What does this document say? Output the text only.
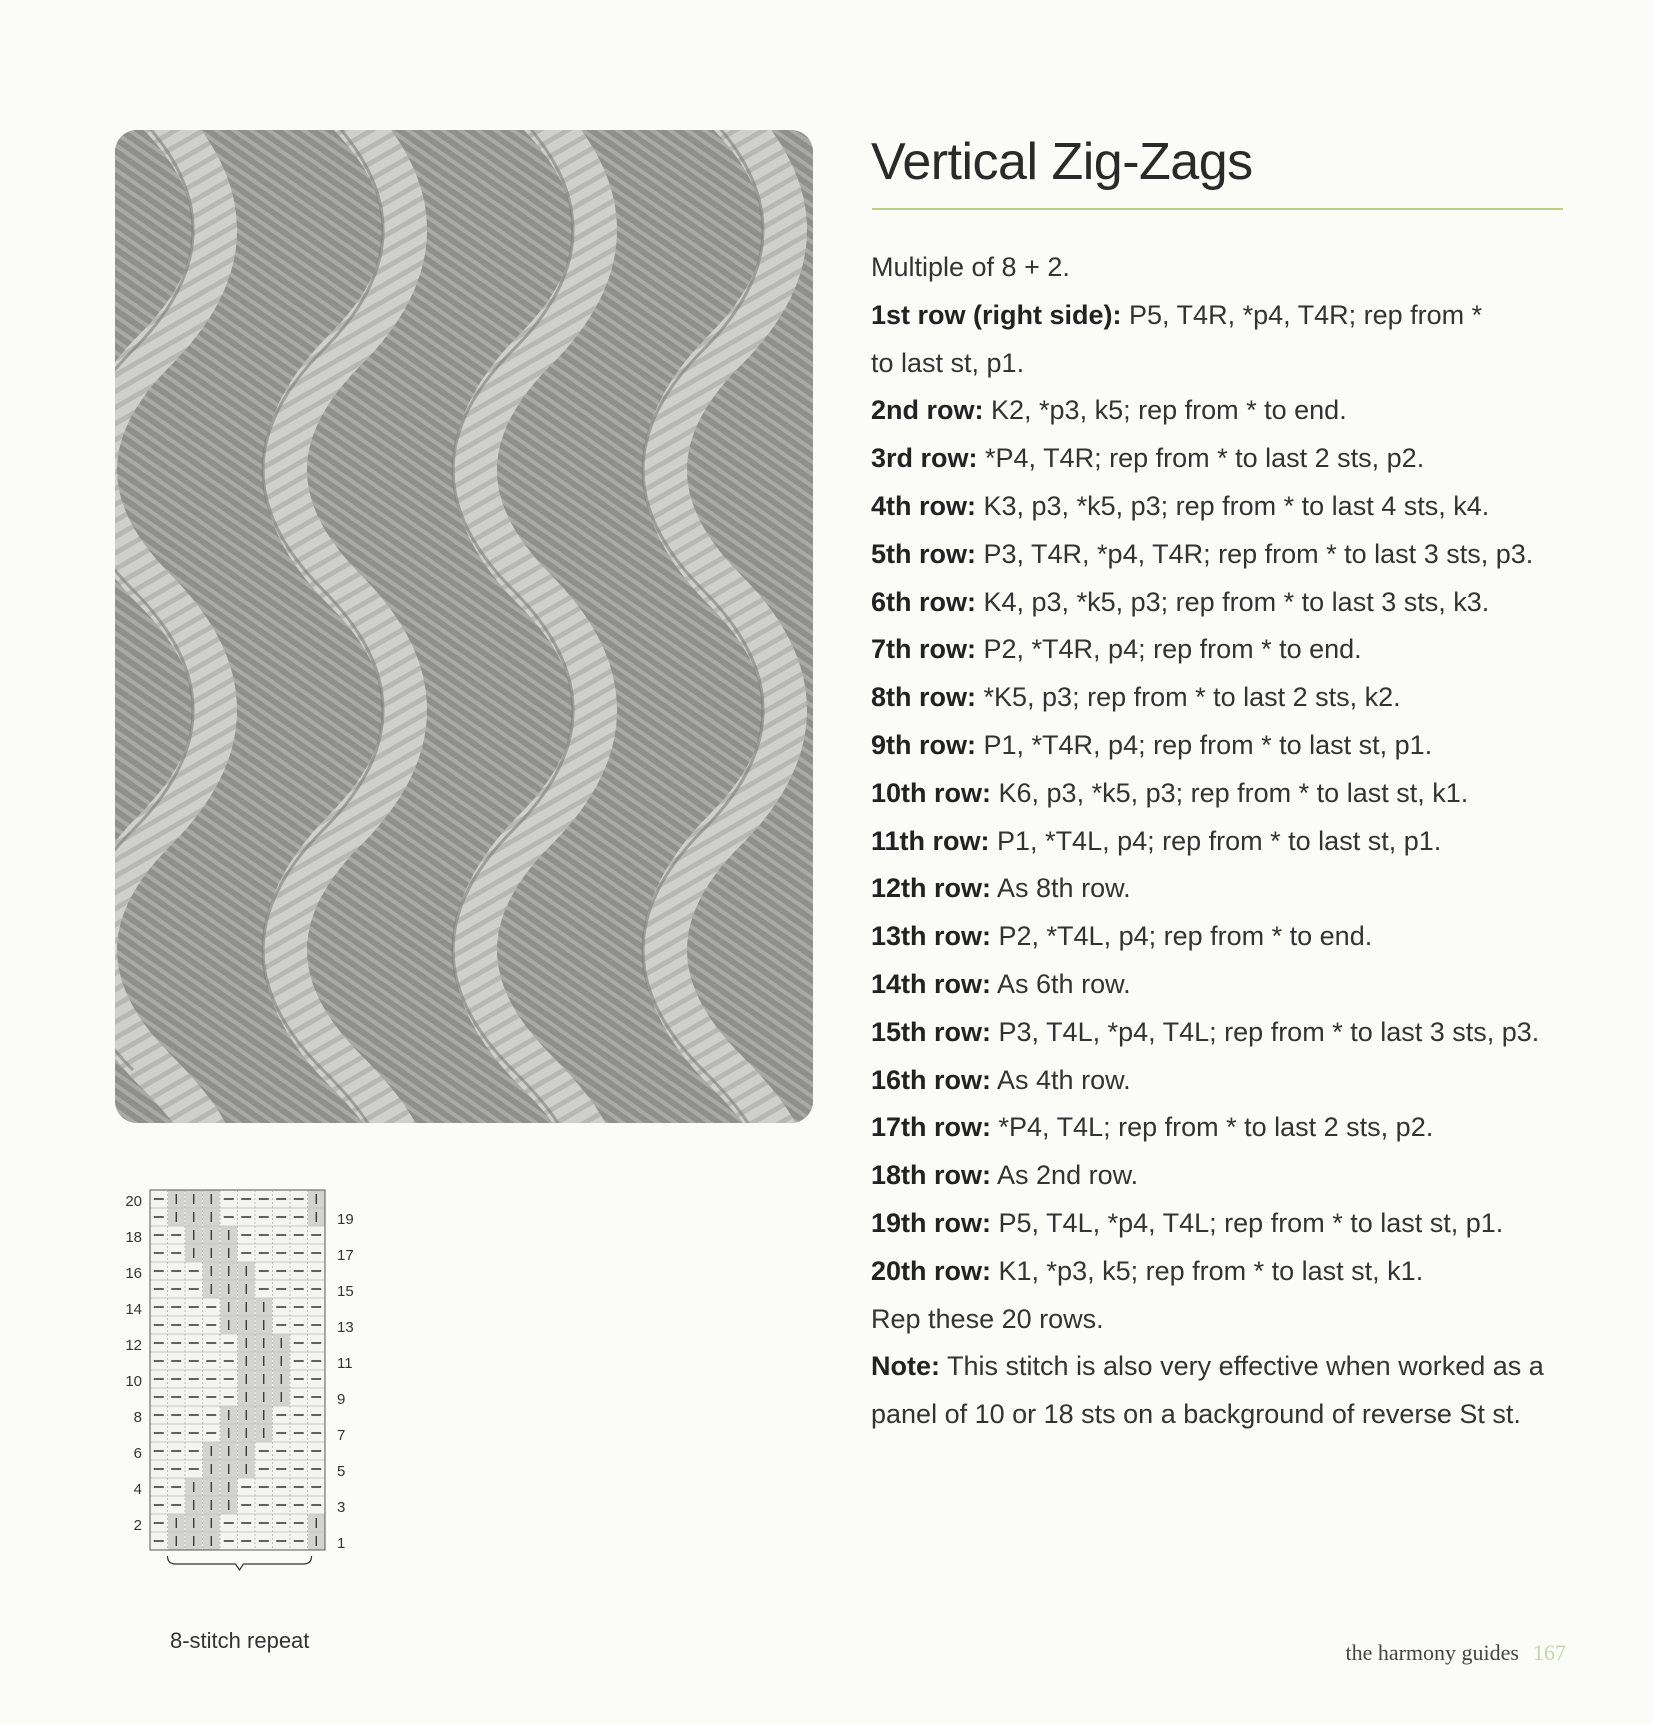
Vertical Zig-Zags

Multiple of 8 + 2.

1st row (right side): P5, T4R, *p4, T4R; rep from * to last st, p1.

2nd row: K2, *p3, k5; rep from * to end.

3rd row: *P4, T4R; rep from * to last 2 sts, p2.

4th row: K3, p3, *k5, p3; rep from * to last 4 sts, k4.

5th row: P3, T4R, *p4, T4R; rep from * to last 3 sts, p3.

6th row: K4, p3, *k5, p3; rep from * to last 3 sts, k3.

7th row: P2, *T4R, p4; rep from * to end.

8th row: *K5, p3; rep from * to last 2 sts, k2.

9th row: P1, *T4R, p4; rep from * to last st, p1.

10th row: K6, p3, *k5, p3; rep from * to last st, k1.

11th row: P1, *T4L, p4; rep from * to last st, p1.

12th row: As 8th row.

13th row: P2, *T4L, p4; rep from * to end.

14th row: As 6th row.

15th row: P3, T4L, *p4, T4L; rep from * to last 3 sts, p3.

16th row: As 4th row.

17th row: *P4, T4L; rep from * to last 2 sts, p2.

18th row: As 2nd row.

19th row: P5, T4L, *p4, T4L; rep from * to last st, p1.

20th row: K1, *p3, k5; rep from * to last st, k1.

Rep these 20 rows.

Note: This stitch is also very effective when worked as a panel of 10 or 18 sts on a background of reverse St st.

20
18
16
14
12
10
8
6
4
2
19
17
15
13
11
9
7
5
3
1
8-stitch repeat	the harmony guides 167
